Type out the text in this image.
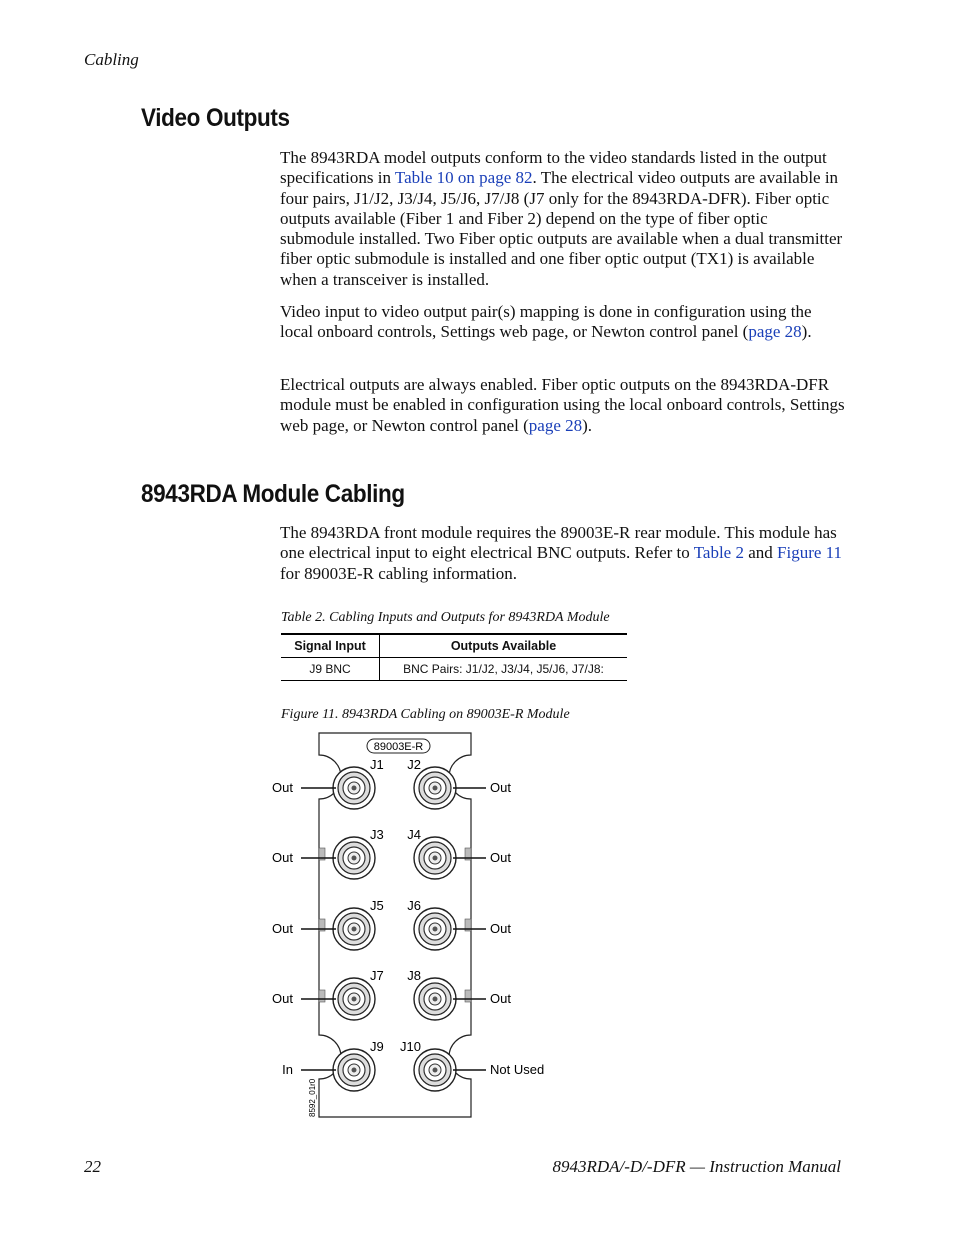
Cabling
Video Outputs

The 8943RDA model outputs conform to the video standards listed in the output specifications in Table 10 on page 82. The electrical video outputs are available in four pairs, J1/J2, J3/J4, J5/J6, J7/J8 (J7 only for the 8943RDA-DFR). Fiber optic outputs available (Fiber 1 and Fiber 2) depend on the type of fiber optic submodule installed. Two Fiber optic outputs are available when a dual transmitter fiber optic submodule is installed and one fiber optic output (TX1) is available when a transceiver is installed.

Video input to video output pair(s) mapping is done in configuration using the local onboard controls, Settings web page, or Newton control panel (page 28).

Electrical outputs are always enabled. Fiber optic outputs on the 8943RDA-DFR module must be enabled in configuration using the local onboard controls, Settings web page, or Newton control panel (page 28).

8943RDA Module Cabling

The 8943RDA front module requires the 89003E-R rear module. This module has one electrical input to eight electrical BNC outputs. Refer to Table 2 and Figure 11 for 89003E-R cabling information.

Table 2. Cabling Inputs and Outputs for 8943RDA Module
Signal Input	Outputs Available
J9 BNC	BNC Pairs: J1/J2, J3/J4, J5/J6, J7/J8:
Figure 11. 8943RDA Cabling on 89003E-R Module
89003E-R
J1 J2
Out	Out
J3 J4
Out	Out
J5 J6
Out	Out
J7 J8
Out	Out
J9 J10
In	Not Used
8592_01r0
22	8943RDA/-D/-DFR — Instruction Manual
